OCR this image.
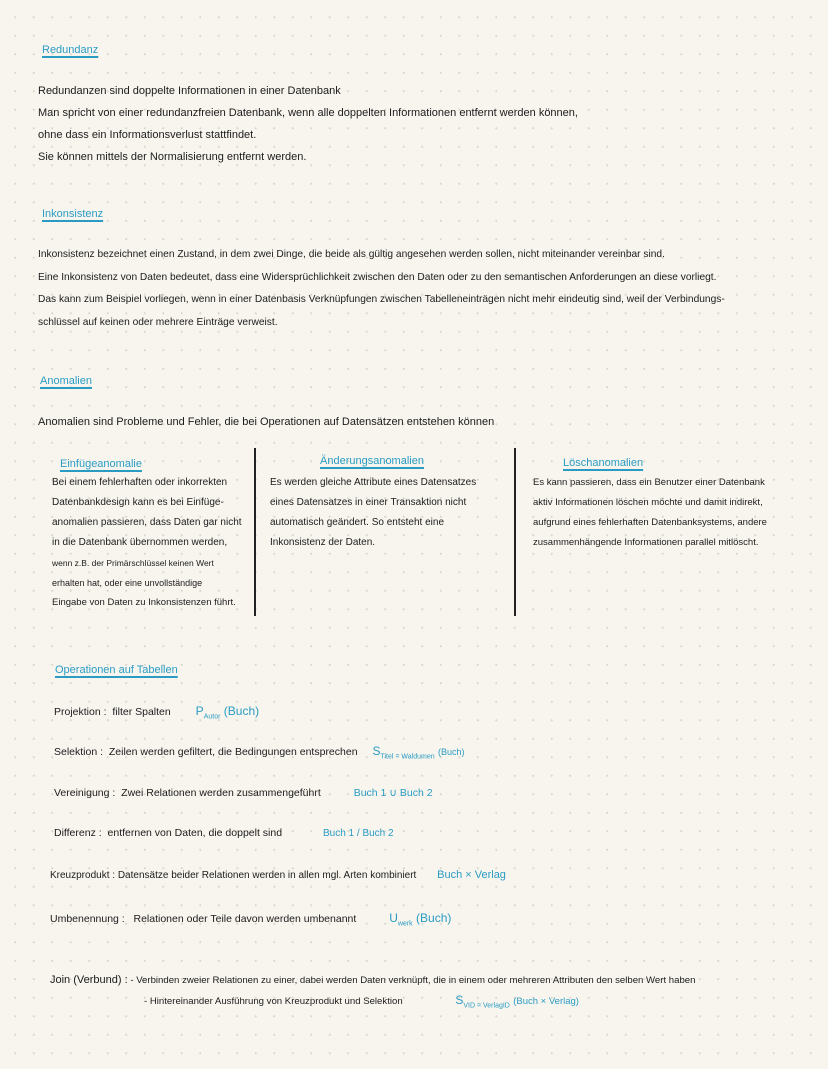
Redundanz
Redundanzen sind doppelte Informationen in einer Datenbank
Man spricht von einer redundanzfreien Datenbank, wenn alle doppelten Informationen entfernt werden können,
ohne dass ein Informationsverlust stattfindet.
Sie können mittels der Normalisierung entfernt werden.
Inkonsistenz
Inkonsistenz bezeichnet einen Zustand, in dem zwei Dinge, die beide als gültig angesehen werden sollen, nicht miteinander vereinbar sind.
Eine Inkonsistenz von Daten bedeutet, dass eine Widersprüchlichkeit zwischen den Daten oder zu den semantischen Anforderungen an diese vorliegt.
Das kann zum Beispiel vorliegen, wenn in einer Datenbasis Verknüpfungen zwischen Tabelleneinträgen nicht mehr eindeutig sind, weil der Verbindungs-
schlüssel auf keinen oder mehrere Einträge verweist.
Anomalien
Anomalien sind Probleme und Fehler, die bei Operationen auf Datensätzen entstehen können
Einfügeanomalie
Bei einem fehlerhaften oder inkorrekten
Datenbankdesign kann es bei Einfüge-
anomalien passieren, dass Daten gar nicht
in die Datenbank übernommen werden,
wenn z.B. der Primärschlüssel keinen Wert
erhalten hat, oder eine unvollständige
Eingabe von Daten zu Inkonsistenzen führt.
Änderungsanomalien
Es werden gleiche Attribute eines Datensatzes
eines Datensatzes in einer Transaktion nicht
automatisch geändert. So entsteht eine
Inkonsistenz der Daten.
Löschanomalien
Es kann passieren, dass ein Benutzer einer Datenbank
aktiv Informationen löschen möchte und damit indirekt,
aufgrund eines fehlerhaften Datenbanksystems, andere
zusammenhängende Informationen parallel mitlöscht.
Operationen auf Tabellen
Projektion : filter Spalten $P_{Autor}$ (Buch)
Selektion : Zeilen werden gefiltert, die Bedingungen entsprechen $S_{Titel = Waldumen}$ (Buch)
Vereinigung : Zwei Relationen werden zusammengeführt	Buch 1 ∪ Buch 2
Differenz : entfernen von Daten, die doppelt sind	Buch 1 / Buch 2
Kreuzprodukt : Datensätze beider Relationen werden in allen mgl. Arten kombiniert Buch × Verlag
Umbenennung : Relationen oder Teile davon werden umbenannt	$U_{werk}$ (Buch)
Join (Verbund) : - Verbinden zweier Relationen zu einer, dabei werden Daten verknüpft, die in einem oder mehreren Attributen den selben Wert haben
- Hintereinander Ausführung von Kreuzprodukt und Selektion	$S_{VID = VerlagID}$ (Buch × Verlag)
